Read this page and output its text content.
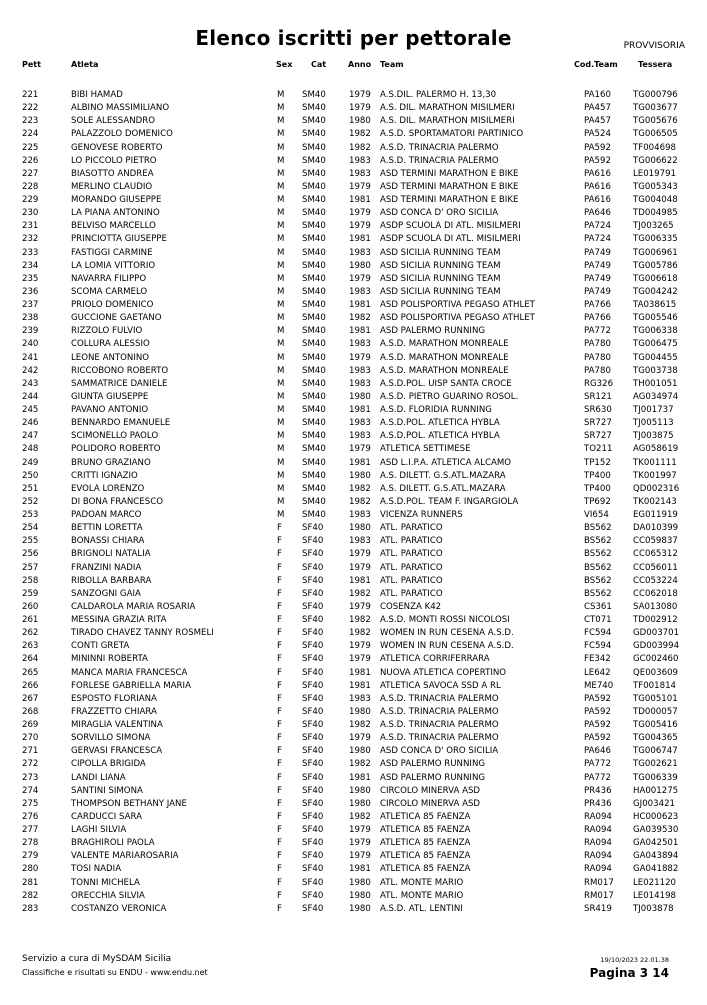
Elenco iscritti per pettorale	PROVVISORIA
Pett	Atleta	Sex Cat	Anno Team	Cod.Team	Tessera
221	BIBI HAMAD	M SM40	1979 A.S.DIL. PALERMO H. 13,30	PA160	TG000796
222	ALBINO MASSIMILIANO	M SM40	1979 A.S. DIL. MARATHON MISILMERI	PA457	TG003677
223	SOLE ALESSANDRO	M SM40	1980 A.S. DIL. MARATHON MISILMERI	PA457	TG005676
224	PALAZZOLO DOMENICO	M SM40	1982 A.S.D. SPORTAMATORI PARTINICO	PA524	TG006505
225	GENOVESE ROBERTO	M SM40	1982 A.S.D. TRINACRIA PALERMO	PA592	TF004698
226	LO PICCOLO PIETRO	M SM40	1983 A.S.D. TRINACRIA PALERMO	PA592	TG006622
227	BIASOTTO ANDREA	M SM40	1983 ASD TERMINI MARATHON E BIKE	PA616	LE019791
228	MERLINO CLAUDIO	M SM40	1979 ASD TERMINI MARATHON E BIKE	PA616	TG005343
229	MORANDO GIUSEPPE	M SM40	1981 ASD TERMINI MARATHON E BIKE	PA616	TG004048
230	LA PIANA ANTONINO	M SM40	1979 ASD CONCA D' ORO SICILIA	PA646	TD004985
231	BELVISO MARCELLO	M SM40	1979 ASDP SCUOLA DI ATL. MISILMERI	PA724	TJ003265
232	PRINCIOTTA GIUSEPPE	M SM40	1981 ASDP SCUOLA DI ATL. MISILMERI	PA724	TG006335
233	FASTIGGI CARMINE	M SM40	1983 ASD SICILIA RUNNING TEAM	PA749	TG006961
234	LA LOMIA VITTORIO	M SM40	1980 ASD SICILIA RUNNING TEAM	PA749	TG005786
235	NAVARRA FILIPPO	M SM40	1979 ASD SICILIA RUNNING TEAM	PA749	TG006618
236	SCOMA CARMELO	M SM40	1983 ASD SICILIA RUNNING TEAM	PA749	TG004242
237	PRIOLO DOMENICO	M SM40	1981 ASD POLISPORTIVA PEGASO ATHLET	PA766	TA038615
238	GUCCIONE GAETANO	M SM40	1982 ASD POLISPORTIVA PEGASO ATHLET	PA766	TG005546
239	RIZZOLO FULVIO	M SM40	1981 ASD PALERMO RUNNING	PA772	TG006338
240	COLLURA ALESSIO	M SM40	1983 A.S.D. MARATHON MONREALE	PA780	TG006475
241	LEONE ANTONINO	M SM40	1979 A.S.D. MARATHON MONREALE	PA780	TG004455
242	RICCOBONO ROBERTO	M SM40	1983 A.S.D. MARATHON MONREALE	PA780	TG003738
243	SAMMATRICE DANIELE	M SM40	1983 A.S.D.POL. UISP SANTA CROCE	RG326 TH001051
244	GIUNTA GIUSEPPE	M SM40	1980 A.S.D. PIETRO GUARINO ROSOL.	SR121 AG034974
245	PAVANO ANTONIO	M SM40	1981 A.S.D. FLORIDIA RUNNING	SR630 TJ001737
246	BENNARDO EMANUELE	M SM40	1983 A.S.D.POL. ATLETICA HYBLA	SR727 TJ005113
247	SCIMONELLO PAOLO	M SM40	1983 A.S.D.POL. ATLETICA HYBLA	SR727 TJ003875
248	POLIDORO ROBERTO	M SM40	1979 ATLETICA SETTIMESE	TO211 AG058619
249	BRUNO GRAZIANO	M SM40	1981 ASD L.I.P.A. ATLETICA ALCAMO	TP152	TK001111
250	CRITTI IGNAZIO	M SM40	1980 A.S. DILETT. G.S.ATL.MAZARA	TP400	TK001997
251	EVOLA LORENZO	M SM40	1982 A.S. DILETT. G.S.ATL.MAZARA	TP400	QD002316
252	DI BONA FRANCESCO	M SM40	1982 A.S.D.POL. TEAM F. INGARGIOLA	TP692	TK002143
253	PADOAN MARCO	M SM40	1983 VICENZA RUNNERS	VI654	EG011919
254	BETTIN LORETTA	F SF40	1980 ATL. PARATICO	BS562 DA010399
255	BONASSI CHIARA	F SF40	1983 ATL. PARATICO	BS562 CC059837
256	BRIGNOLI NATALIA	F SF40	1979 ATL. PARATICO	BS562 CC065312
257	FRANZINI NADIA	F SF40	1979 ATL. PARATICO	BS562 CC056011
258	RIBOLLA BARBARA	F SF40	1981 ATL. PARATICO	BS562 CC053224
259	SANZOGNI GAIA	F SF40	1982 ATL. PARATICO	BS562 CC062018
260	CALDAROLA MARIA ROSARIA	F SF40	1979 COSENZA K42	CS361 SA013080
261	MESSINA GRAZIA RITA	F SF40	1982 A.S.D. MONTI ROSSI NICOLOSI	CT071 TD002912
262	TIRADO CHAVEZ TANNY ROSMELI	F SF40	1982 WOMEN IN RUN CESENA A.S.D.	FC594	GD003701
263	CONTI GRETA	F SF40	1979 WOMEN IN RUN CESENA A.S.D.	FC594	GD003994
264	MININNI ROBERTA	F SF40	1979 ATLETICA CORRIFERRARA	FE342	GC002460
265	MANCA MARIA FRANCESCA	F SF40	1981 NUOVA ATLETICA COPERTINO	LE642	QE003609
266	FORLESE GABRIELLA MARIA	F SF40	1981 ATLETICA SAVOCA SSD A RL	ME740 TF001814
267	ESPOSTO FLORIANA	F SF40	1983 A.S.D. TRINACRIA PALERMO	PA592	TG005101
268	FRAZZETTO CHIARA	F SF40	1980 A.S.D. TRINACRIA PALERMO	PA592	TD000057
269	MIRAGLIA VALENTINA	F SF40	1982 A.S.D. TRINACRIA PALERMO	PA592	TG005416
270	SORVILLO SIMONA	F SF40	1979 A.S.D. TRINACRIA PALERMO	PA592	TG004365
271	GERVASI FRANCESCA	F SF40	1980 ASD CONCA D' ORO SICILIA	PA646	TG006747
272	CIPOLLA BRIGIDA	F SF40	1982 ASD PALERMO RUNNING	PA772	TG002621
273	LANDI LIANA	F SF40	1981 ASD PALERMO RUNNING	PA772	TG006339
274	SANTINI SIMONA	F SF40	1980 CIRCOLO MINERVA ASD	PR436 HA001275
275	THOMPSON BETHANY JANE	F SF40	1980 CIRCOLO MINERVA ASD	PR436 GJ003421
276	CARDUCCI SARA	F SF40	1982 ATLETICA 85 FAENZA	RA094 HC000623
277	LAGHI SILVIA	F SF40	1979 ATLETICA 85 FAENZA	RA094 GA039530
278	BRAGHIROLI PAOLA	F SF40	1979 ATLETICA 85 FAENZA	RA094 GA042501
279	VALENTE MARIAROSARIA	F SF40	1979 ATLETICA 85 FAENZA	RA094 GA043894
280	TOSI NADIA	F SF40	1981 ATLETICA 85 FAENZA	RA094 GA041882
281	TONNI MICHELA	F SF40	1980 ATL. MONTE MARIO	RM017 LE021120
282	ORECCHIA SILVIA	F SF40	1980 ATL. MONTE MARIO	RM017 LE014198
283	COSTANZO VERONICA	F SF40	1980 A.S.D. ATL. LENTINI	SR419 TJ003878
Servizio a cura di MySDAM Sicilia
Classifiche e risultati su ENDU - www.endu.net
19/10/2023 22.01.38
Pagina 3 14
